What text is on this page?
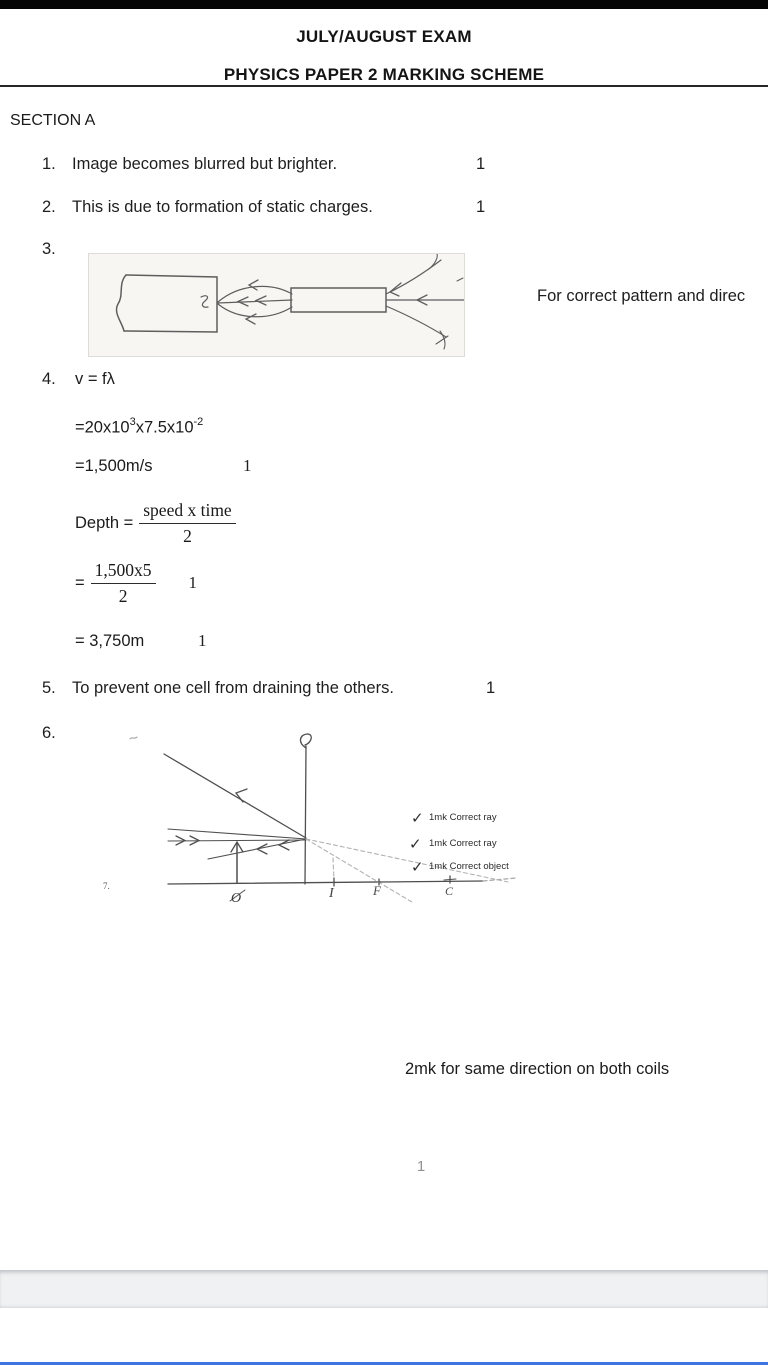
JULY/AUGUST EXAM
PHYSICS PAPER 2 MARKING SCHEME
SECTION A
1. Image becomes blurred but brighter.	1
2. This is due to formation of static charges.	1
3.
For correct pattern and direc
4. v = fλ
$=20x10^3x7.5x10^{-2}$
=1,500m/s	1
Depth = $\frac{\text{speed x time}}{2}$
= $\frac{1,500x5}{2} 1$
= 3,750m	1
5. To prevent one cell from draining the others.	1
6.
O	I	F	C
7.
✓ 1mk Correct ray
✓ 1mk Correct ray
✓ 1mk Correct object
2mk for same direction on both coils
1
